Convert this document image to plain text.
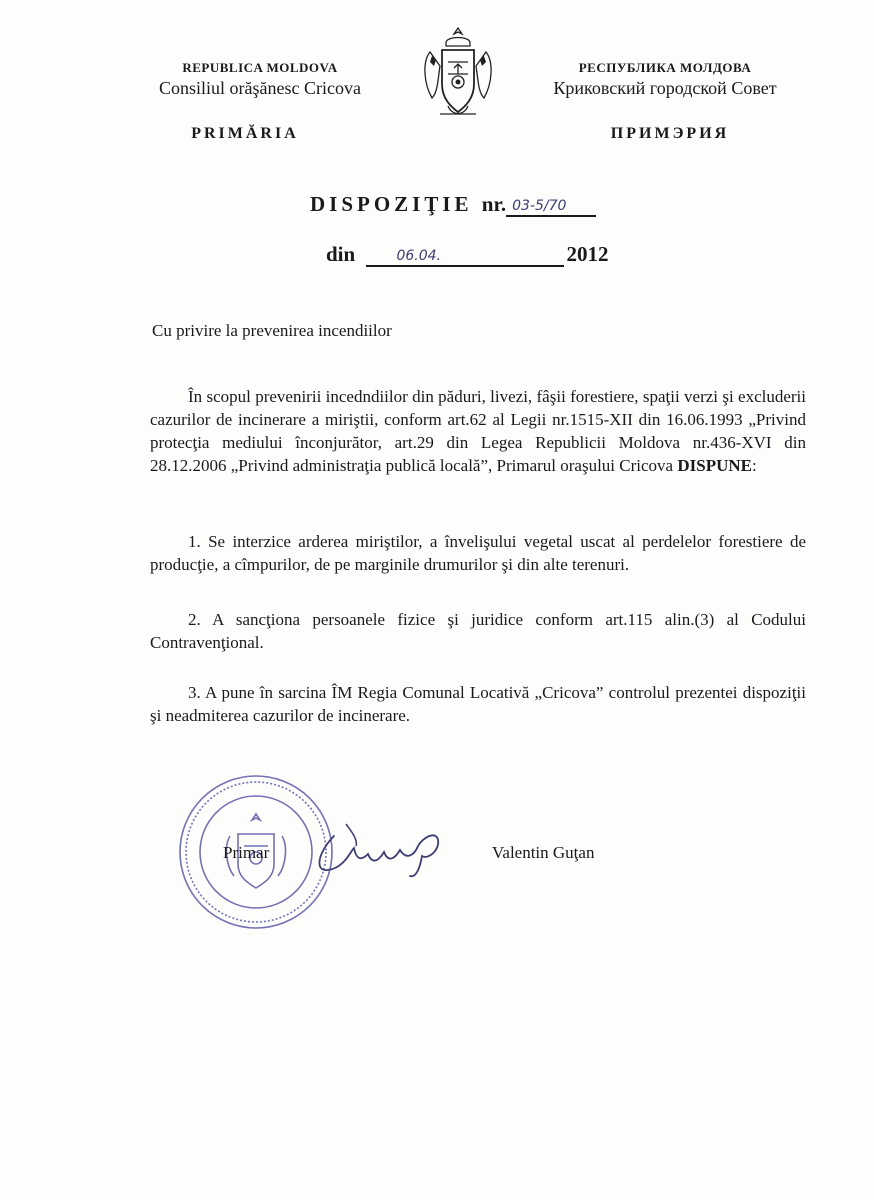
REPUBLICA MOLDOVA
Consiliul orăşănesc Cricova
РЕСПУБЛИКА МОЛДОВА
Криковский городской Совет
PRIMĂRIA	ПРИМЭРИЯ
DISPOZIŢIE nr. 03-5/70
din	06.04.	2012
Cu privire la prevenirea incendiilor
În scopul prevenirii incedndiilor din păduri, livezi, fâşii forestiere, spaţii verzi şi excluderii cazurilor de incinerare a miriştii, conform art.62 al Legii nr.1515-XII din 16.06.1993 „Privind protecţia mediului înconjurător, art.29 din Legea Republicii Moldova nr.436-XVI din 28.12.2006 „Privind administraţia publică locală”, Primarul oraşului Cricova DISPUNE:
1. Se interzice arderea miriştilor, a învelişului vegetal uscat al perdelelor forestiere de producţie, a cîmpurilor, de pe marginile drumurilor şi din alte terenuri.
2. A sancţiona persoanele fizice şi juridice conform art.115 alin.(3) al Codului Contravenţional.
3. A pune în sarcina ÎM Regia Comunal Locativă „Cricova” controlul prezentei dispoziţii şi neadmiterea cazurilor de incinerare.
Primar	Valentin Guţan
